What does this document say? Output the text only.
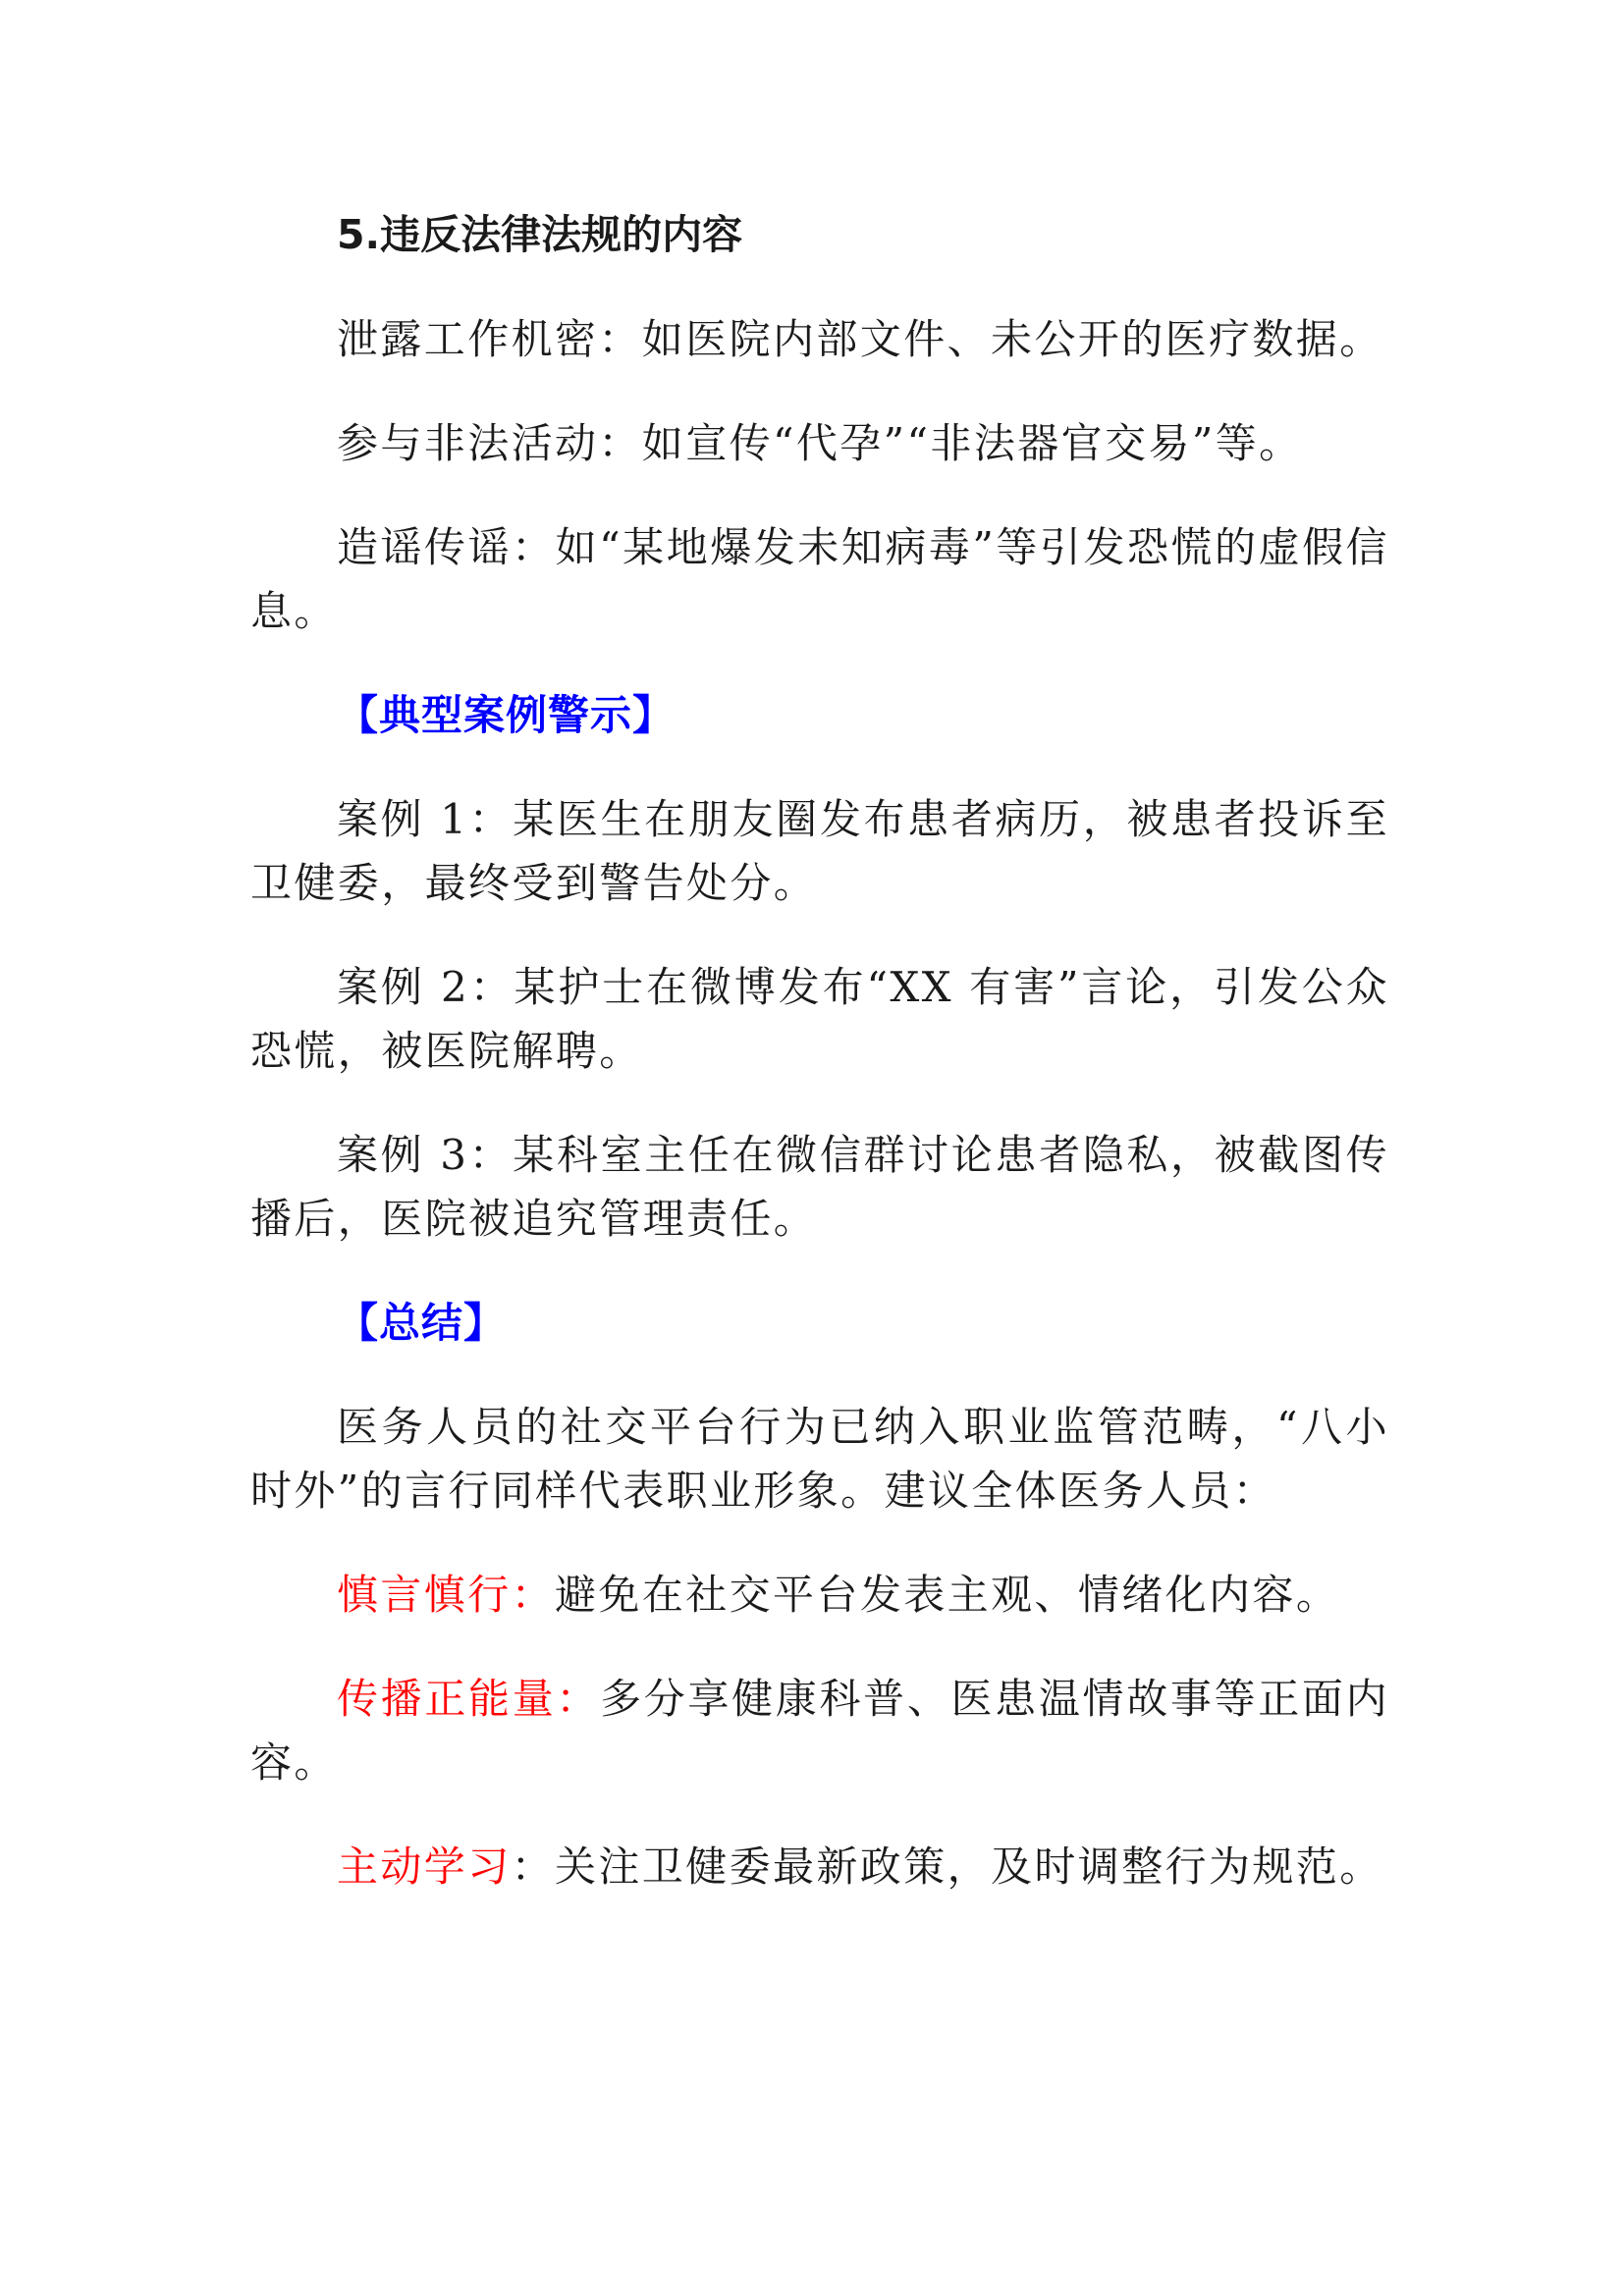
5.违反法律法规的内容

泄露工作机密：如医院内部文件、未公开的医疗数据。

参与非法活动：如宣传“代孕”“非法器官交易”等。

造谣传谣：如“某地爆发未知病毒”等引发恐慌的虚假信息。

【典型案例警示】

案例 1：某医生在朋友圈发布患者病历，被患者投诉至卫健委，最终受到警告处分。

案例 2：某护士在微博发布“XX 有害”言论，引发公众恐慌，被医院解聘。

案例 3：某科室主任在微信群讨论患者隐私，被截图传播后，医院被追究管理责任。

【总结】

医务人员的社交平台行为已纳入职业监管范畴，“八小时外”的言行同样代表职业形象。建议全体医务人员：

慎言慎行：避免在社交平台发表主观、情绪化内容。

传播正能量：多分享健康科普、医患温情故事等正面内容。

主动学习：关注卫健委最新政策，及时调整行为规范。
